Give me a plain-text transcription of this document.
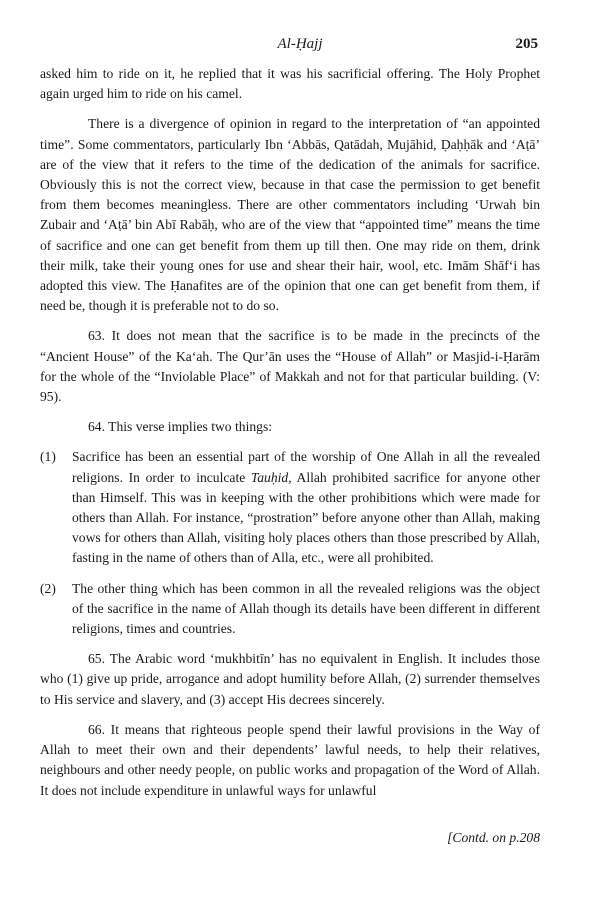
Al-Ḥajj	205

asked him to ride on it, he replied that it was his sacrificial offering. The Holy Prophet again urged him to ride on his camel.

There is a divergence of opinion in regard to the interpretation of “an appointed time”. Some commentators, particularly Ibn ‘Abbās, Qatādah, Mujāhid, Ḍaḥḥāk and ‘Aṭā’ are of the view that it refers to the time of the dedication of the animals for sacrifice. Obviously this is not the correct view, because in that case the permission to get benefit from them becomes meaningless. There are other commentators including ‘Urwah bin Zubair and ‘Aṭā’ bin Abī Rabāḥ, who are of the view that “appointed time” means the time of sacrifice and one can get benefit from them up till then. One may ride on them, drink their milk, take their young ones for use and shear their hair, wool, etc. Imām Shāf‘i has adopted this view. The Ḥanafites are of the opinion that one can get benefit from them, if need be, though it is preferable not to do so.

63. It does not mean that the sacrifice is to be made in the precincts of the “Ancient House” of the Ka‘ah. The Qur’ān uses the “House of Allah” or Masjid-i-Ḥarām for the whole of the “Inviolable Place” of Makkah and not for that particular building. (V: 95).

64. This verse implies two things:

(1)	Sacrifice has been an essential part of the worship of One Allah in all the revealed religions. In order to inculcate Tauḥid, Allah prohibited sacrifice for anyone other than Himself. This was in keeping with the other prohibitions which were made for others than Allah. For instance, “prostration” before anyone other than Allah, making vows for others than Allah, visiting holy places others than those prescribed by Allah, fasting in the name of others than of Alla, etc., were all prohibited.
(2)	The other thing which has been common in all the revealed religions was the object of the sacrifice in the name of Allah though its details have been different in different religions, times and countries.

65. The Arabic word ‘mukhbitīn’ has no equivalent in English. It includes those who (1) give up pride, arrogance and adopt humility before Allah, (2) surrender themselves to His service and slavery, and (3) accept His decrees sincerely.

66. It means that righteous people spend their lawful provisions in the Way of Allah to meet their own and their dependents’ lawful needs, to help their relatives, neighbours and other needy people, on public works and propagation of the Word of Allah. It does not include expenditure in unlawful ways for unlawful

[Contd. on p.208
